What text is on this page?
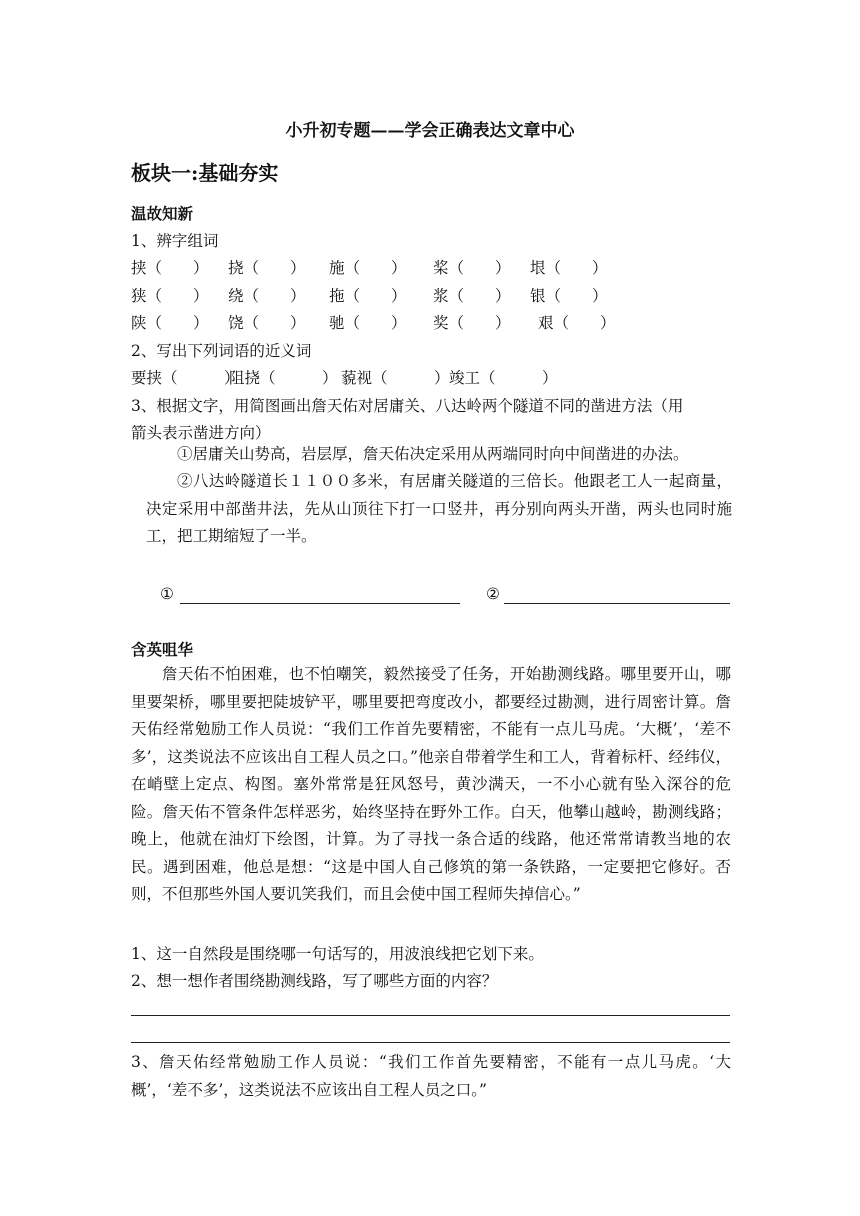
小升初专题——学会正确表达文章中心
板块一:基础夯实
温故知新
1、辨字组词
挟（　　） 挠（　　） 施（　　） 桨（　　） 垠（　　）
狭（　　） 绕（　　） 拖（　　） 浆（　　） 银（　　）
陕（　　） 饶（　　） 驰（　　） 奖（　　） 艰（　　）
2、写出下列词语的近义词
要挟（　　　）
阻挠（　　　） 藐视（　　　） 竣工（　　　）
3、根据文字，用简图画出詹天佑对居庸关、八达岭两个隧道不同的凿进方法（用
箭头表示凿进方向）
①居庸关山势高，岩层厚，詹天佑决定采用从两端同时向中间凿进的办法。
②八达岭隧道长１１００多米，有居庸关隧道的三倍长。他跟老工人一起商量，决定采用中部凿井法，先从山顶往下打一口竖井，再分别向两头开凿，两头也同时施工，把工期缩短了一半。
①	②
含英咀华
詹天佑不怕困难，也不怕嘲笑，毅然接受了任务，开始勘测线路。哪里要开山，哪里要架桥，哪里要把陡坡铲平，哪里要把弯度改小，都要经过勘测，进行周密计算。詹天佑经常勉励工作人员说：“我们工作首先要精密，不能有一点儿马虎。‘大概’，‘差不多’，这类说法不应该出自工程人员之口。”他亲自带着学生和工人，背着标杆、经纬仪，在峭壁上定点、构图。塞外常常是狂风怒号，黄沙满天，一不小心就有坠入深谷的危险。詹天佑不管条件怎样恶劣，始终坚持在野外工作。白天，他攀山越岭，勘测线路；晚上，他就在油灯下绘图，计算。为了寻找一条合适的线路，他还常常请教当地的农民。遇到困难，他总是想：“这是中国人自己修筑的第一条铁路，一定要把它修好。否则，不但那些外国人要讥笑我们，而且会使中国工程师失掉信心。”
1、这一自然段是围绕哪一句话写的，用波浪线把它划下来。
2、想一想作者围绕勘测线路，写了哪些方面的内容？
3、詹天佑经常勉励工作人员说：“我们工作首先要精密，不能有一点儿马虎。‘大概’，‘差不多’，这类说法不应该出自工程人员之口。”
